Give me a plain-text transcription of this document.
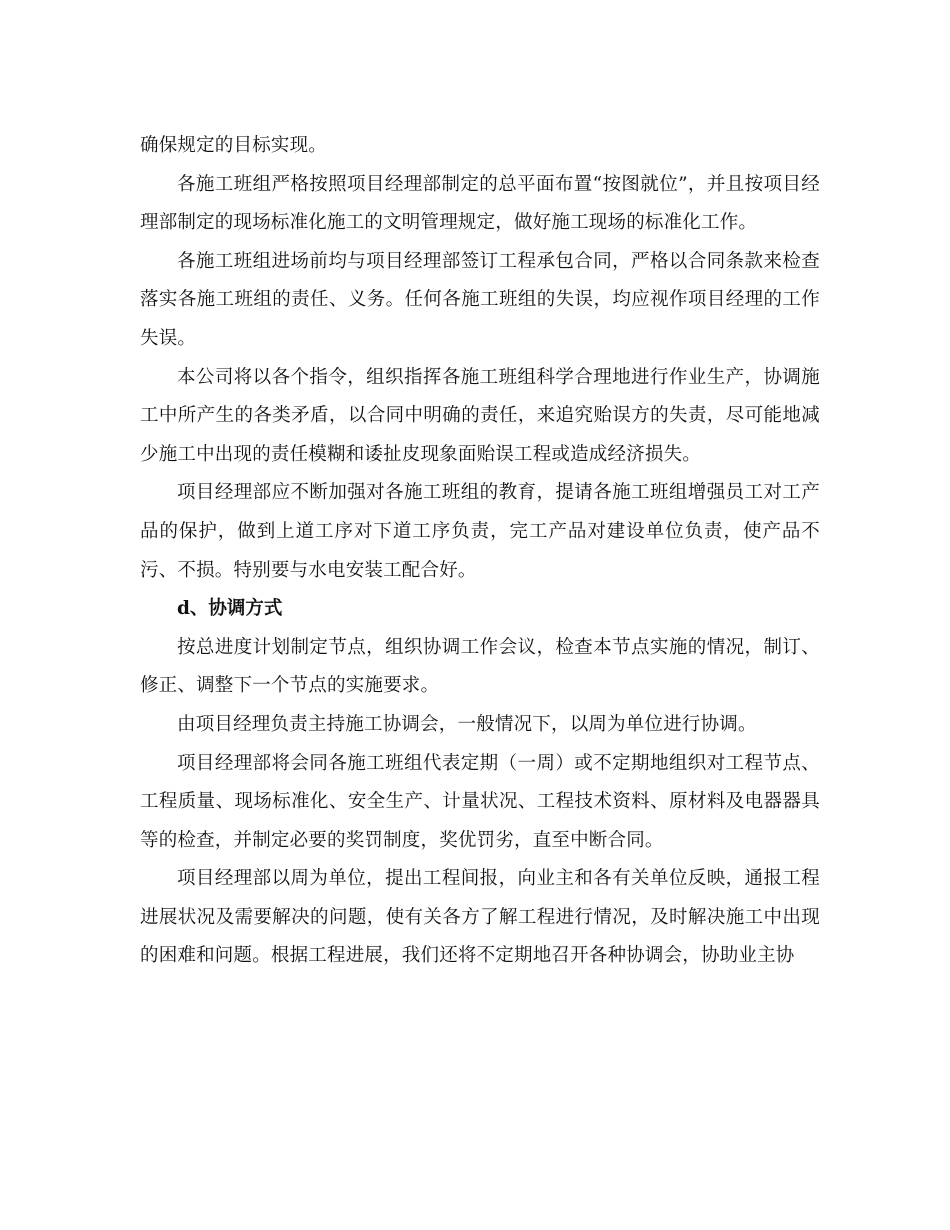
确保规定的目标实现。

各施工班组严格按照项目经理部制定的总平面布置“按图就位”，并且按项目经理部制定的现场标准化施工的文明管理规定，做好施工现场的标准化工作。

各施工班组进场前均与项目经理部签订工程承包合同，严格以合同条款来检查落实各施工班组的责任、义务。任何各施工班组的失误，均应视作项目经理的工作失误。

本公司将以各个指令，组织指挥各施工班组科学合理地进行作业生产，协调施工中所产生的各类矛盾，以合同中明确的责任，来追究贻误方的失责，尽可能地减少施工中出现的责任模糊和诿扯皮现象面贻误工程或造成经济损失。

项目经理部应不断加强对各施工班组的教育，提请各施工班组增强员工对工产品的保护，做到上道工序对下道工序负责，完工产品对建设单位负责，使产品不污、不损。特别要与水电安装工配合好。

d、协调方式

按总进度计划制定节点，组织协调工作会议，检查本节点实施的情况，制订、修正、调整下一个节点的实施要求。

由项目经理负责主持施工协调会，一般情况下，以周为单位进行协调。

项目经理部将会同各施工班组代表定期（一周）或不定期地组织对工程节点、工程质量、现场标准化、安全生产、计量状况、工程技术资料、原材料及电器器具等的检查，并制定必要的奖罚制度，奖优罚劣，直至中断合同。

项目经理部以周为单位，提出工程间报，向业主和各有关单位反映，通报工程进展状况及需要解决的问题，使有关各方了解工程进行情况，及时解决施工中出现的困难和问题。根据工程进展，我们还将不定期地召开各种协调会，协助业主协
